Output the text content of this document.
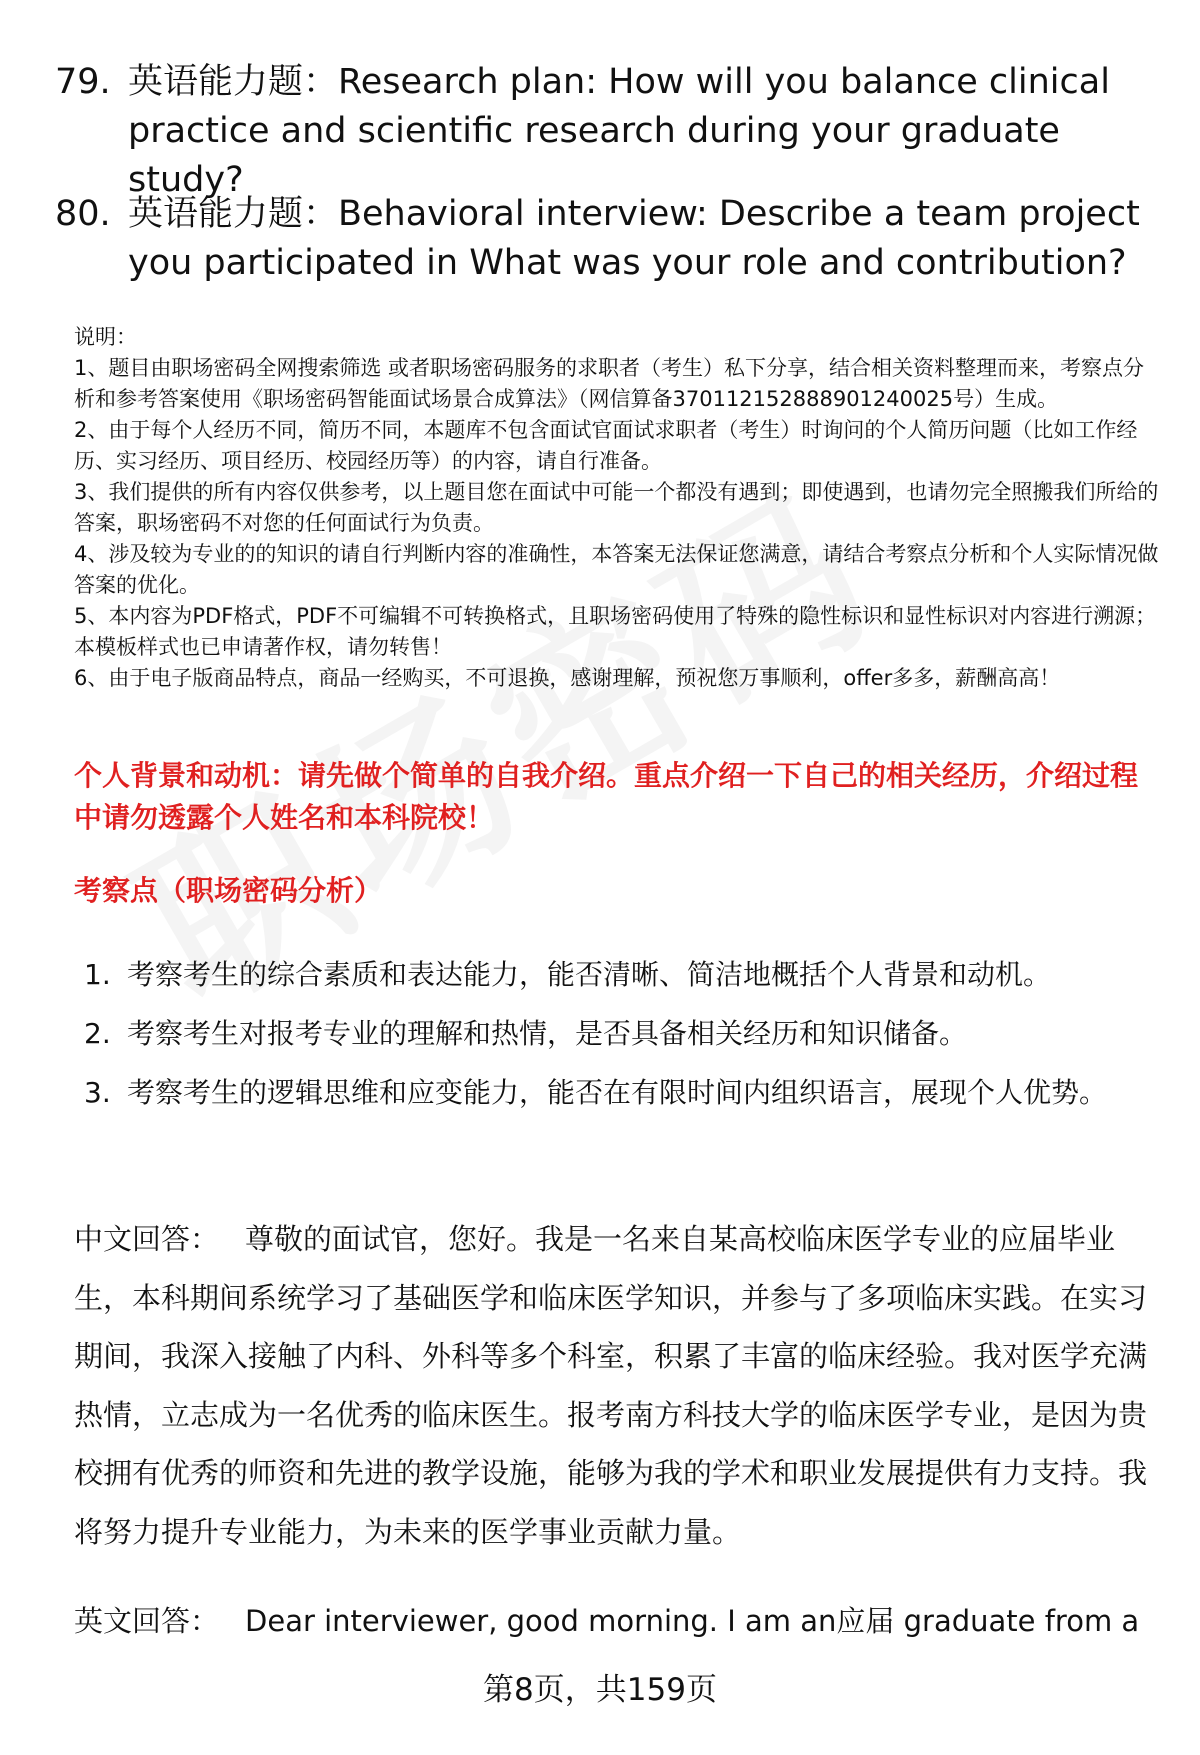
79. 英语能力题：Research plan: How will you balance clinical practice and scientific research during your graduate study?
80. 英语能力题：Behavioral interview: Describe a team project you participated in What was your role and contribution?

说明：

1、题目由职场密码全网搜索筛选 或者职场密码服务的求职者（考生）私下分享，结合相关资料整理而来，考察点分析和参考答案使用《职场密码智能面试场景合成算法》（网信算备370112152888901240025号）生成。

2、由于每个人经历不同，简历不同，本题库不包含面试官面试求职者（考生）时询问的个人简历问题（比如工作经历、实习经历、项目经历、校园经历等）的内容，请自行准备。

3、我们提供的所有内容仅供参考，以上题目您在面试中可能一个都没有遇到；即使遇到，也请勿完全照搬我们所给的答案，职场密码不对您的任何面试行为负责。

4、涉及较为专业的的知识的请自行判断内容的准确性，本答案无法保证您满意，请结合考察点分析和个人实际情况做答案的优化。

5、本内容为PDF格式，PDF不可编辑不可转换格式，且职场密码使用了特殊的隐性标识和显性标识对内容进行溯源；本模板样式也已申请著作权，请勿转售！

6、由于电子版商品特点，商品一经购买，不可退换，感谢理解，预祝您万事顺利，offer多多，薪酬高高！

个人背景和动机：请先做个简单的自我介绍。重点介绍一下自己的相关经历，介绍过程中请勿透露个人姓名和本科院校！
考察点（职场密码分析）
1. 考察考生的综合素质和表达能力，能否清晰、简洁地概括个人背景和动机。
2. 考察考生对报考专业的理解和热情，是否具备相关经历和知识储备。
3. 考察考生的逻辑思维和应变能力，能否在有限时间内组织语言，展现个人优势。
中文回答： 尊敬的面试官，您好。我是一名来自某高校临床医学专业的应届毕业生，本科期间系统学习了基础医学和临床医学知识，并参与了多项临床实践。在实习期间，我深入接触了内科、外科等多个科室，积累了丰富的临床经验。我对医学充满热情，立志成为一名优秀的临床医生。报考南方科技大学的临床医学专业，是因为贵校拥有优秀的师资和先进的教学设施，能够为我的学术和职业发展提供有力支持。我将努力提升专业能力，为未来的医学事业贡献力量。
英文回答： Dear interviewer, good morning. I am an应届 graduate from a
第8页，共159页
